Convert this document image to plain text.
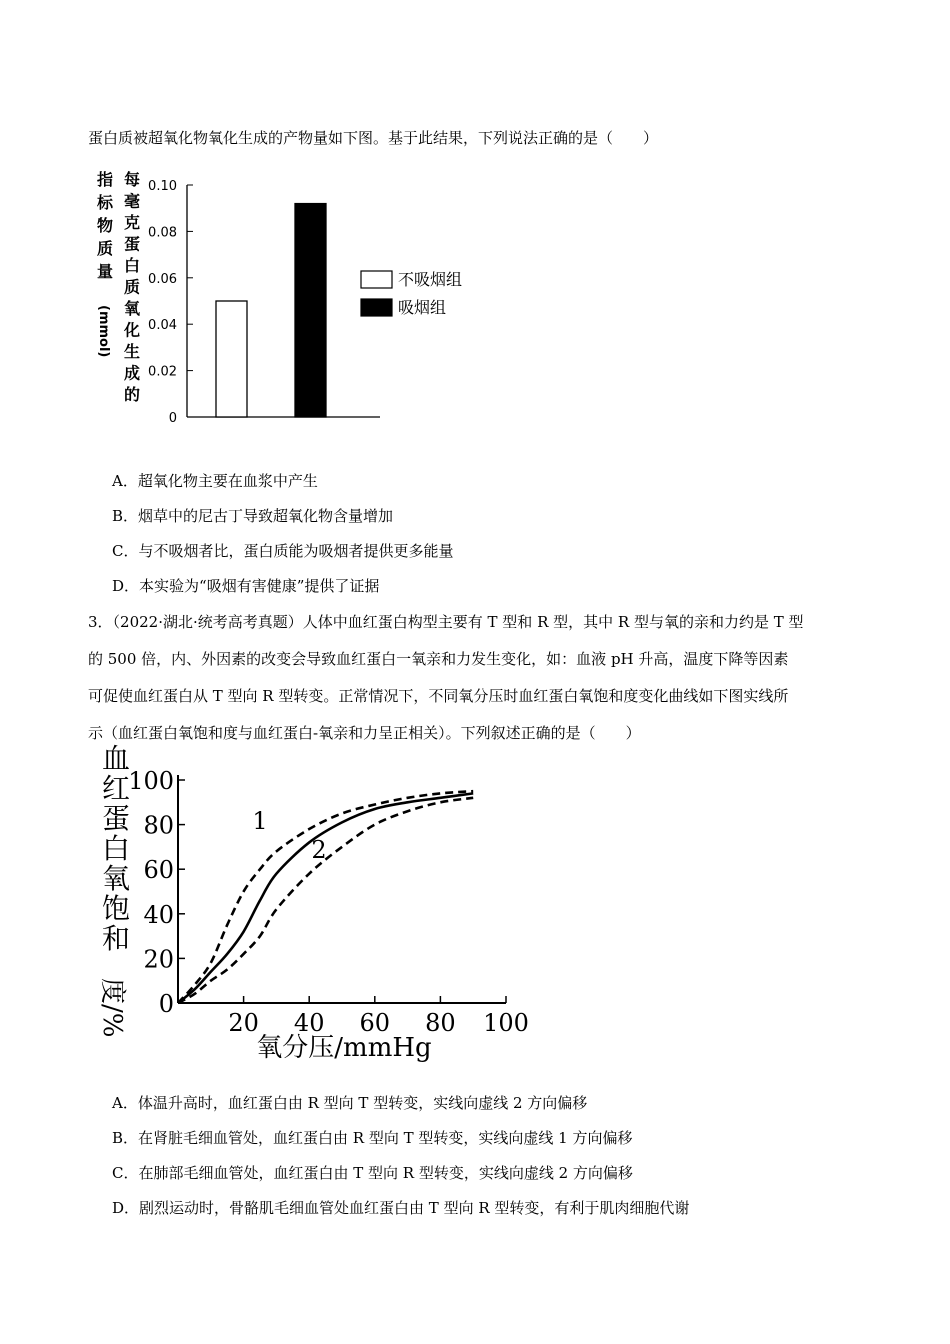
蛋白质被超氧化物氧化生成的产物量如下图。基于此结果，下列说法正确的是（　　）
0
0.02
0.04
0.06
0.08
0.10
每
毫
克
蛋
白
质
氧
化
生
成
的
指
标
物
质
量
(mmol)
不吸烟组
吸烟组
A．超氧化物主要在血浆中产生
B．烟草中的尼古丁导致超氧化物含量增加
C．与不吸烟者比，蛋白质能为吸烟者提供更多能量
D．本实验为“吸烟有害健康”提供了证据
3．（2022·湖北·统考高考真题）人体中血红蛋白构型主要有 T 型和 R 型，其中 R 型与氧的亲和力约是 T 型
的 500 倍，内、外因素的改变会导致血红蛋白一氧亲和力发生变化，如：血液 pH 升高，温度下降等因素
可促使血红蛋白从 T 型向 R 型转变。正常情况下，不同氧分压时血红蛋白氧饱和度变化曲线如下图实线所
示（血红蛋白氧饱和度与血红蛋白-氧亲和力呈正相关）。下列叙述正确的是（　　）
0
20
40
60
80
100
20 40 60 80 100
血
红
蛋
白
氧
饱
和
度/%
氧分压/mmHg
1
2
A．体温升高时，血红蛋白由 R 型向 T 型转变，实线向虚线 2 方向偏移
B．在肾脏毛细血管处，血红蛋白由 R 型向 T 型转变，实线向虚线 1 方向偏移
C．在肺部毛细血管处，血红蛋白由 T 型向 R 型转变，实线向虚线 2 方向偏移
D．剧烈运动时，骨骼肌毛细血管处血红蛋白由 T 型向 R 型转变，有利于肌肉细胞代谢
